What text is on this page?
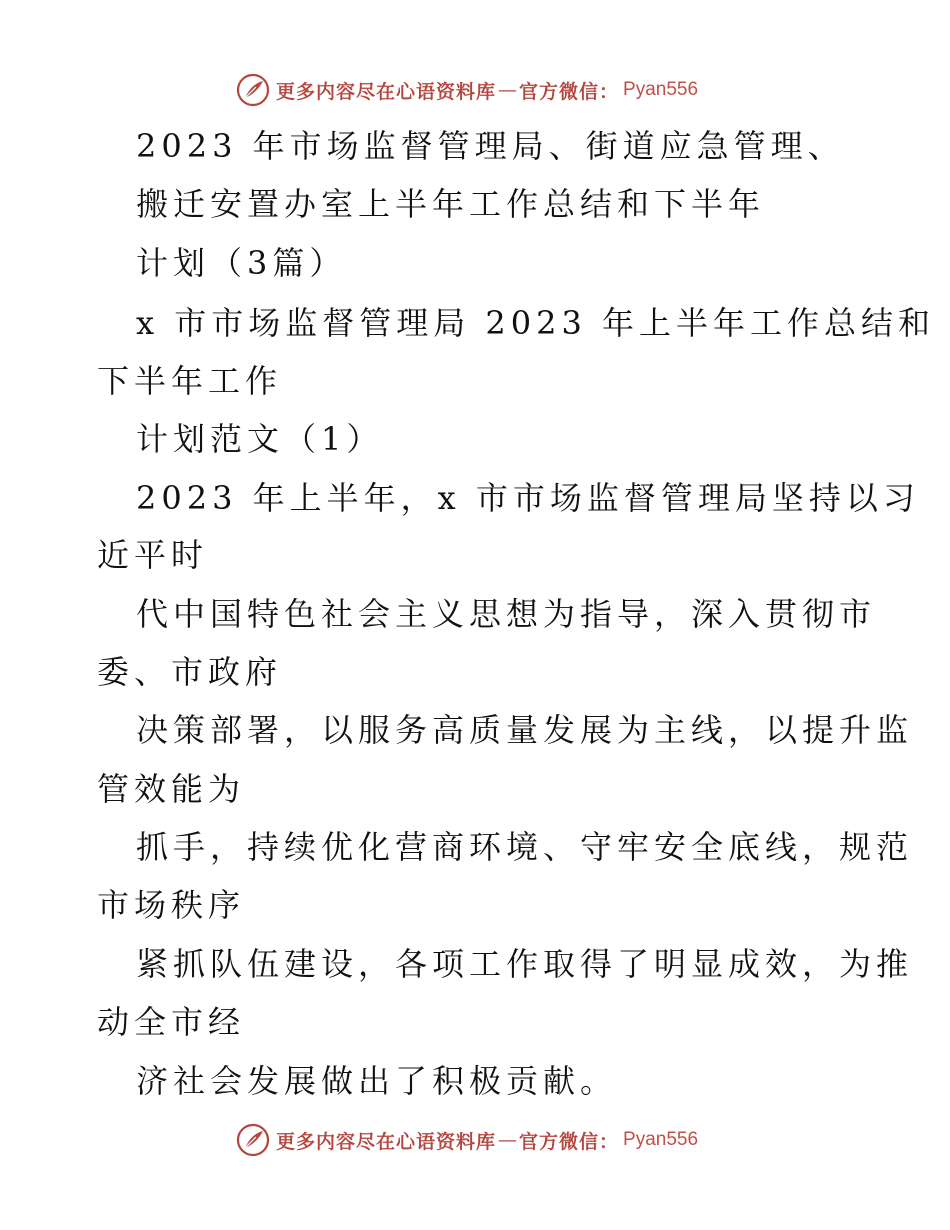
更多内容尽在心语资料库 — 官方微信： Pyan556
2023 年市场监督管理局、街道应急管理、
搬迁安置办室上半年工作总结和下半年
计划（3篇）
x 市市场监督管理局 2023 年上半年工作总结和
下半年工作
计划范文（1）
2023 年上半年，x 市市场监督管理局坚持以习
近平时
代中国特色社会主义思想为指导，深入贯彻市
委、市政府
决策部署，以服务高质量发展为主线，以提升监
管效能为
抓手，持续优化营商环境、守牢安全底线，规范
市场秩序
紧抓队伍建设，各项工作取得了明显成效，为推
动全市经
济社会发展做出了积极贡献。
更多内容尽在心语资料库 — 官方微信： Pyan556
